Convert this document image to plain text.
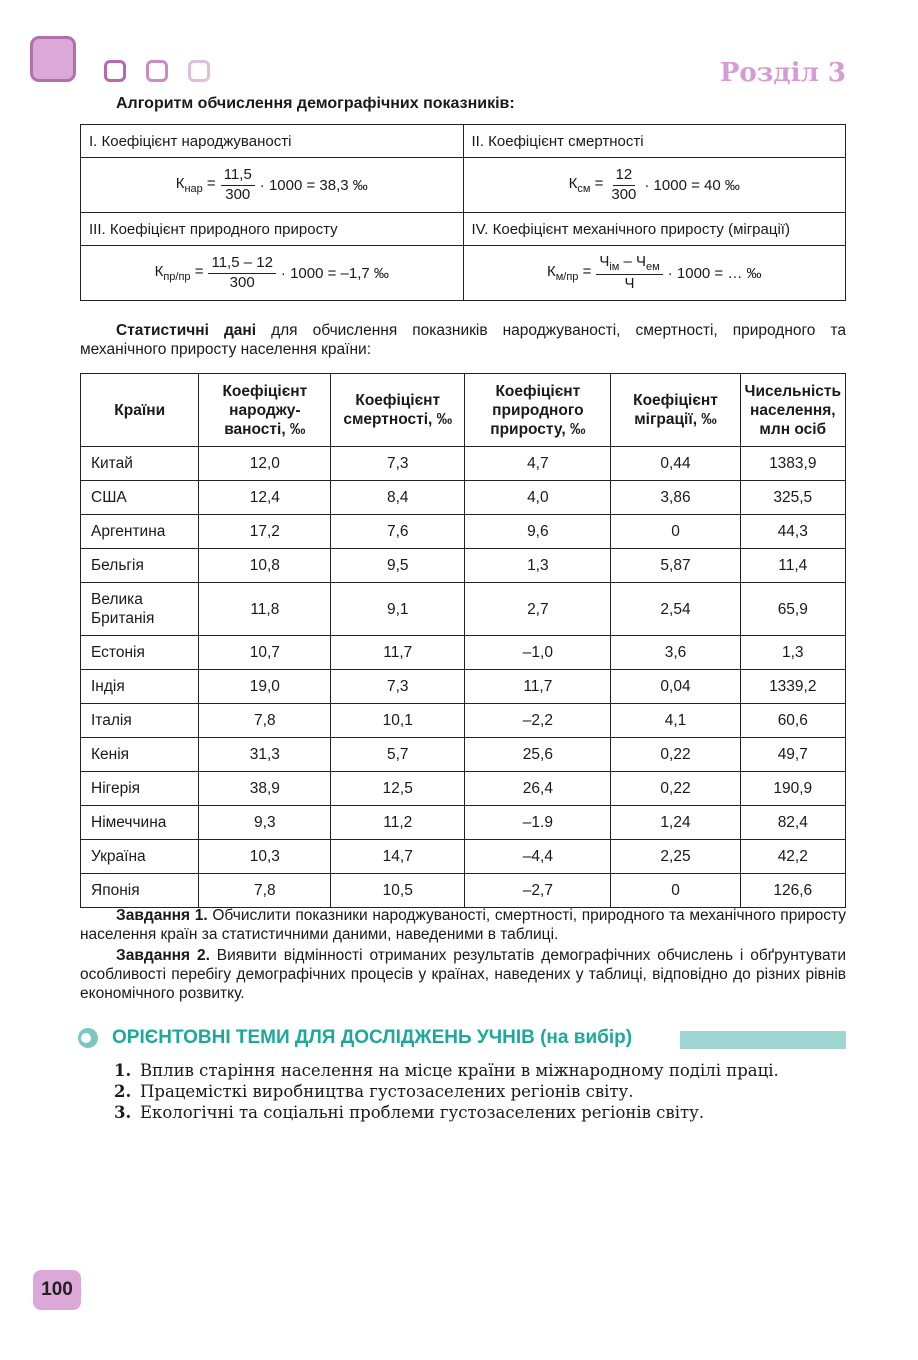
Розділ 3
Алгоритм обчислення демографічних показників:
I. Коефіцієнт народжуваності	II. Коефіцієнт смертності

$К_{нар} = \frac{11,5}{300} \cdot 1000 = 38,3$ ‰	$К_{см} = \frac{12}{300} \cdot 1000 = 40$ ‰

III. Коефіцієнт природного приросту	IV. Коефіцієнт механічного приросту (міграції)

$К_{пр/пр} = \frac{11,5 - 12}{300} \cdot 1000 = -1,7$ ‰	$К_{м/пр} = \frac{Ч_{ім} - Ч_{ем}}{Ч} \cdot 1000$ = … ‰
Статистичні дані для обчислення показників народжуваності, смертності, природного та механічного приросту населення країни:
Країни	Коефіцієнт народжу-ваності, ‰	Коефіцієнт смертності, ‰	Коефіцієнт природного приросту, ‰	Коефіцієнт міграції, ‰	Чисельність населення, млн осіб
Китай	12,0	7,3	4,7	0,44	1383,9
США	12,4	8,4	4,0	3,86	325,5
Аргентина	17,2	7,6	9,6	0	44,3
Бельгія	10,8	9,5	1,3	5,87	11,4
Велика Британія	11,8	9,1	2,7	2,54	65,9
Естонія	10,7	11,7	–1,0	3,6	1,3
Індія	19,0	7,3	11,7	0,04	1339,2
Італія	7,8	10,1	–2,2	4,1	60,6
Кенія	31,3	5,7	25,6	0,22	49,7
Нігерія	38,9	12,5	26,4	0,22	190,9
Німеччина	9,3	11,2	–1.9	1,24	82,4
Україна	10,3	14,7	–4,4	2,25	42,2
Японія	7,8	10,5	–2,7	0	126,6
Завдання 1. Обчислити показники народжуваності, смертності, природного та механічного приросту населення країн за статистичними даними, наведеними в таблиці.
Завдання 2. Виявити відмінності отриманих результатів демографічних обчислень і обґрунтувати особливості перебігу демографічних процесів у країнах, наведених у таблиці, відповідно до різних рівнів економічного розвитку.
ОРІЄНТОВНІ ТЕМИ ДЛЯ ДОСЛІДЖЕНЬ УЧНІВ (на вибір)
1. Вплив старіння населення на місце країни в міжнародному поділі праці.
2. Працемісткі виробництва густозаселених регіонів світу.
3. Екологічні та соціальні проблеми густозаселених регіонів світу.
100
